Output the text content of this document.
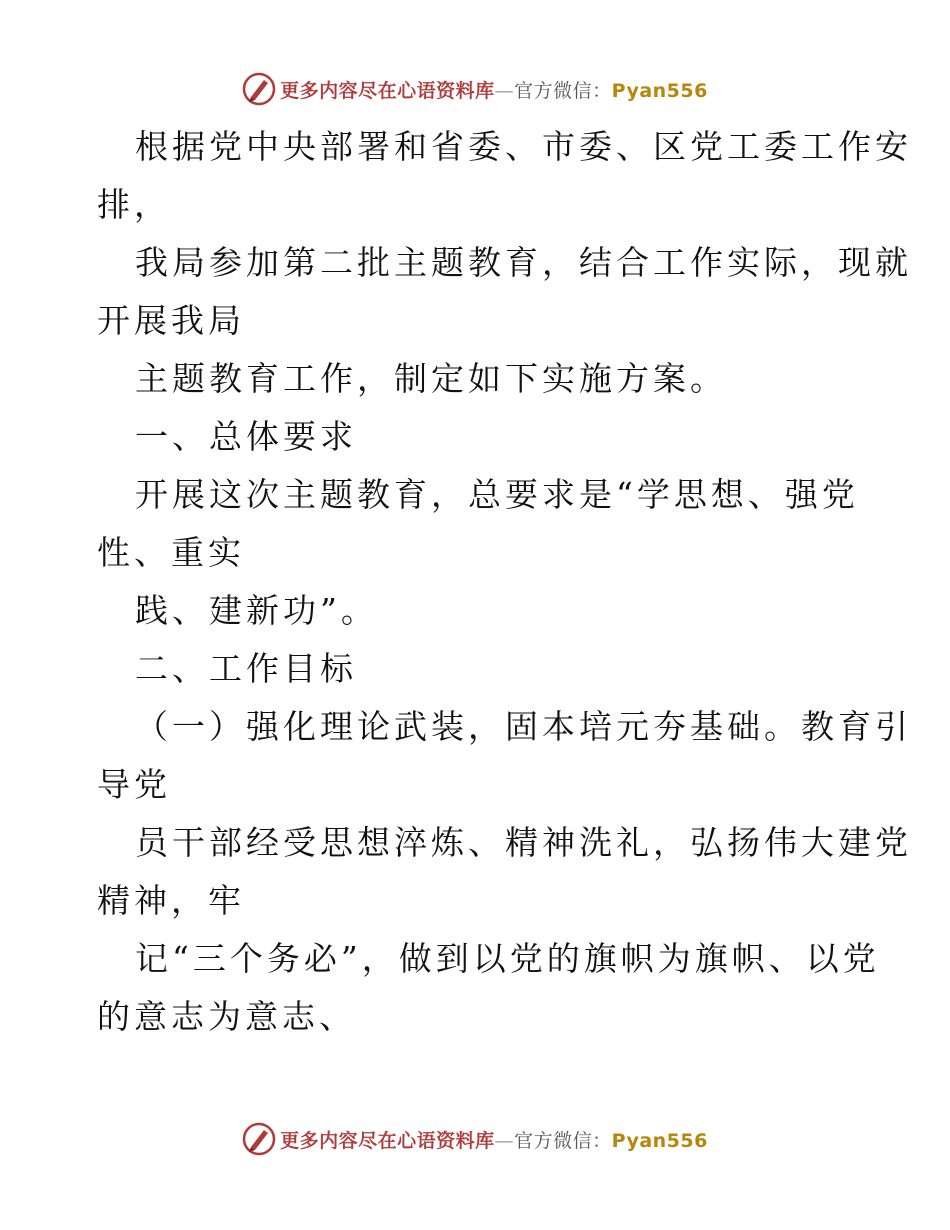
更多内容尽在心语资料库—官方微信：Pyan556
根据党中央部署和省委、市委、区党工委工作安
排，
我局参加第二批主题教育，结合工作实际，现就
开展我局
主题教育工作，制定如下实施方案。
一、总体要求
开展这次主题教育，总要求是“学思想、强党
性、重实
践、建新功”。
二、工作目标
（一）强化理论武装，固本培元夯基础。教育引
导党
员干部经受思想淬炼、精神洗礼，弘扬伟大建党
精神，牢
记“三个务必”，做到以党的旗帜为旗帜、以党
的意志为意志、
更多内容尽在心语资料库—官方微信：Pyan556
